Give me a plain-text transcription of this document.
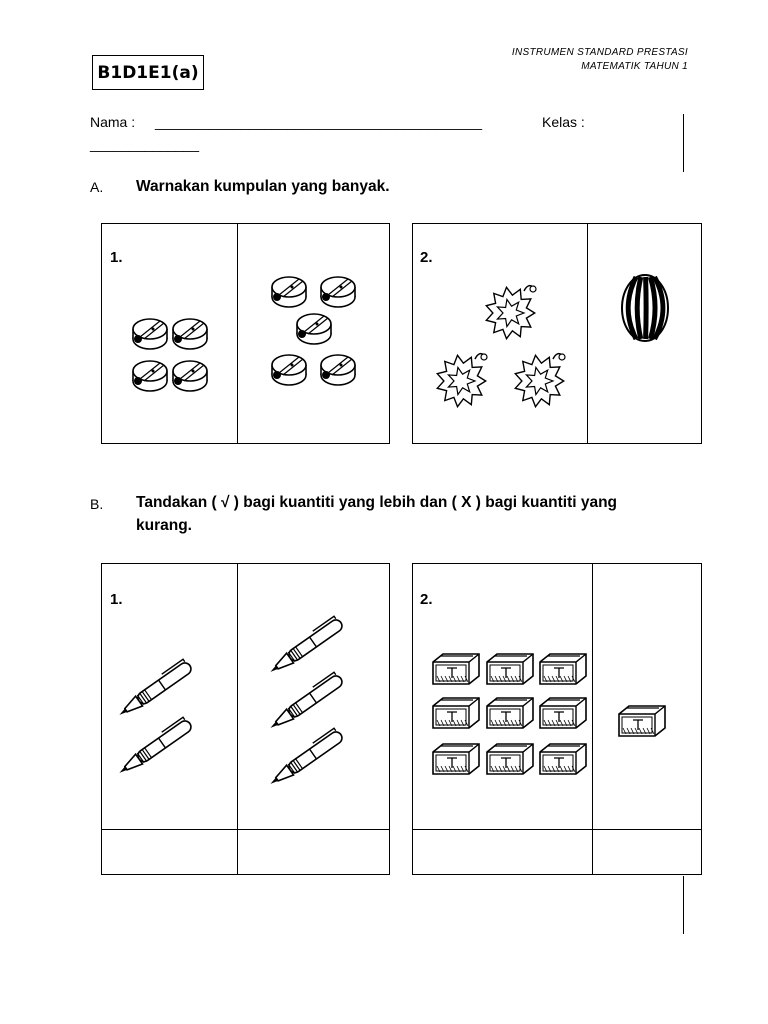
B1D1E1(a)
INSTRUMEN STANDARD PRESTASI
MATEMATIK TAHUN 1
Nama : __________________________________________	Kelas :
______________
A. Warnakan kumpulan yang banyak.
1.	2.
B. Tandakan ( √ ) bagi kuantiti yang lebih dan ( X ) bagi kuantiti yang
kurang.
1.	2.
